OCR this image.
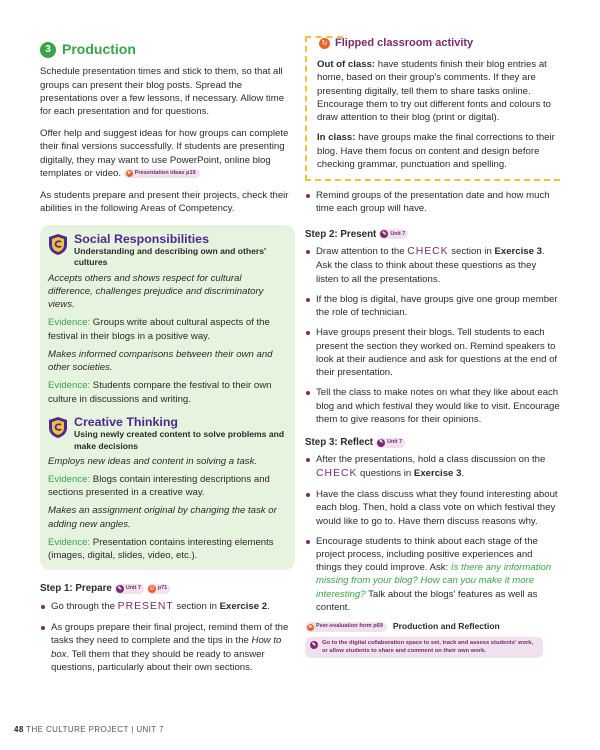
3 Production

Schedule presentation times and stick to them, so that all groups can present their blog posts. Spread the presentations over a few lessons, if necessary. Allow time for each presentation and for questions.

Offer help and suggest ideas for how groups can complete their final versions successfully. If students are presenting digitally, they may want to use PowerPoint, online blog templates or video. ➤ Presentation ideas p19

As students prepare and present their projects, check their abilities in the following Areas of Competency.

Social Responsibilities
Understanding and describing own and others' cultures

Accepts others and shows respect for cultural difference, challenges prejudice and discriminatory views.

Evidence: Groups write about cultural aspects of the festival in their blogs in a positive way.

Makes informed comparisons between their own and other societies.

Evidence: Students compare the festival to their own culture in discussions and writing.

Creative Thinking
Using newly created content to solve problems and make decisions

Employs new ideas and content in solving a task.

Evidence: Blogs contain interesting descriptions and sections presented in a creative way.

Makes an assignment original by changing the task or adding new angles.

Evidence: Presentation contains interesting elements (images, digital, slides, video, etc.).

Step 1: Prepare	✎ Unit 7	☉ p71
Go through the PRESENT section in Exercise 2.
As groups prepare their final project, remind them of the tasks they need to complete and the tips in the How to box. Tell them that they should be ready to answer questions, particularly about their own sections.
↻ Flipped classroom activity

Out of class: have students finish their blog entries at home, based on their group's comments. If they are presenting digitally, tell them to share tasks online. Encourage them to try out different fonts and colours to draw attention to their blog (print or digital).

In class: have groups make the final corrections to their blog. Have them focus on content and design before checking grammar, punctuation and spelling.

Remind groups of the presentation date and how much time each group will have.
Step 2: Present	✎ Unit 7
Draw attention to the CHECK section in Exercise 3. Ask the class to think about these questions as they listen to all the presentations.
If the blog is digital, have groups give one group member the role of technician.
Have groups present their blogs. Tell students to each present the section they worked on. Remind speakers to look at their audience and ask for questions at the end of their presentation.
Tell the class to make notes on what they like about each blog and which festival they would like to visit. Encourage them to give reasons for their opinions.
Step 3: Reflect	✎ Unit 7
After the presentations, hold a class discussion on the CHECK questions in Exercise 3.
Have the class discuss what they found interesting about each blog. Then, hold a class vote on which festival they would like to go to. Have them discuss reasons why.
Encourage students to think about each stage of the project process, including positive experiences and things they could improve. Ask: Is there any information missing from your blog? How can you make it more interesting? Talk about the blogs' features as well as content.
➤ Peer-evaluation form p69 Production and Reflection
✎	Go to the digital collaboration space to set, track and assess students' work, or allow students to share and comment on their own work.
48 THE CULTURE PROJECT | UNIT 7
